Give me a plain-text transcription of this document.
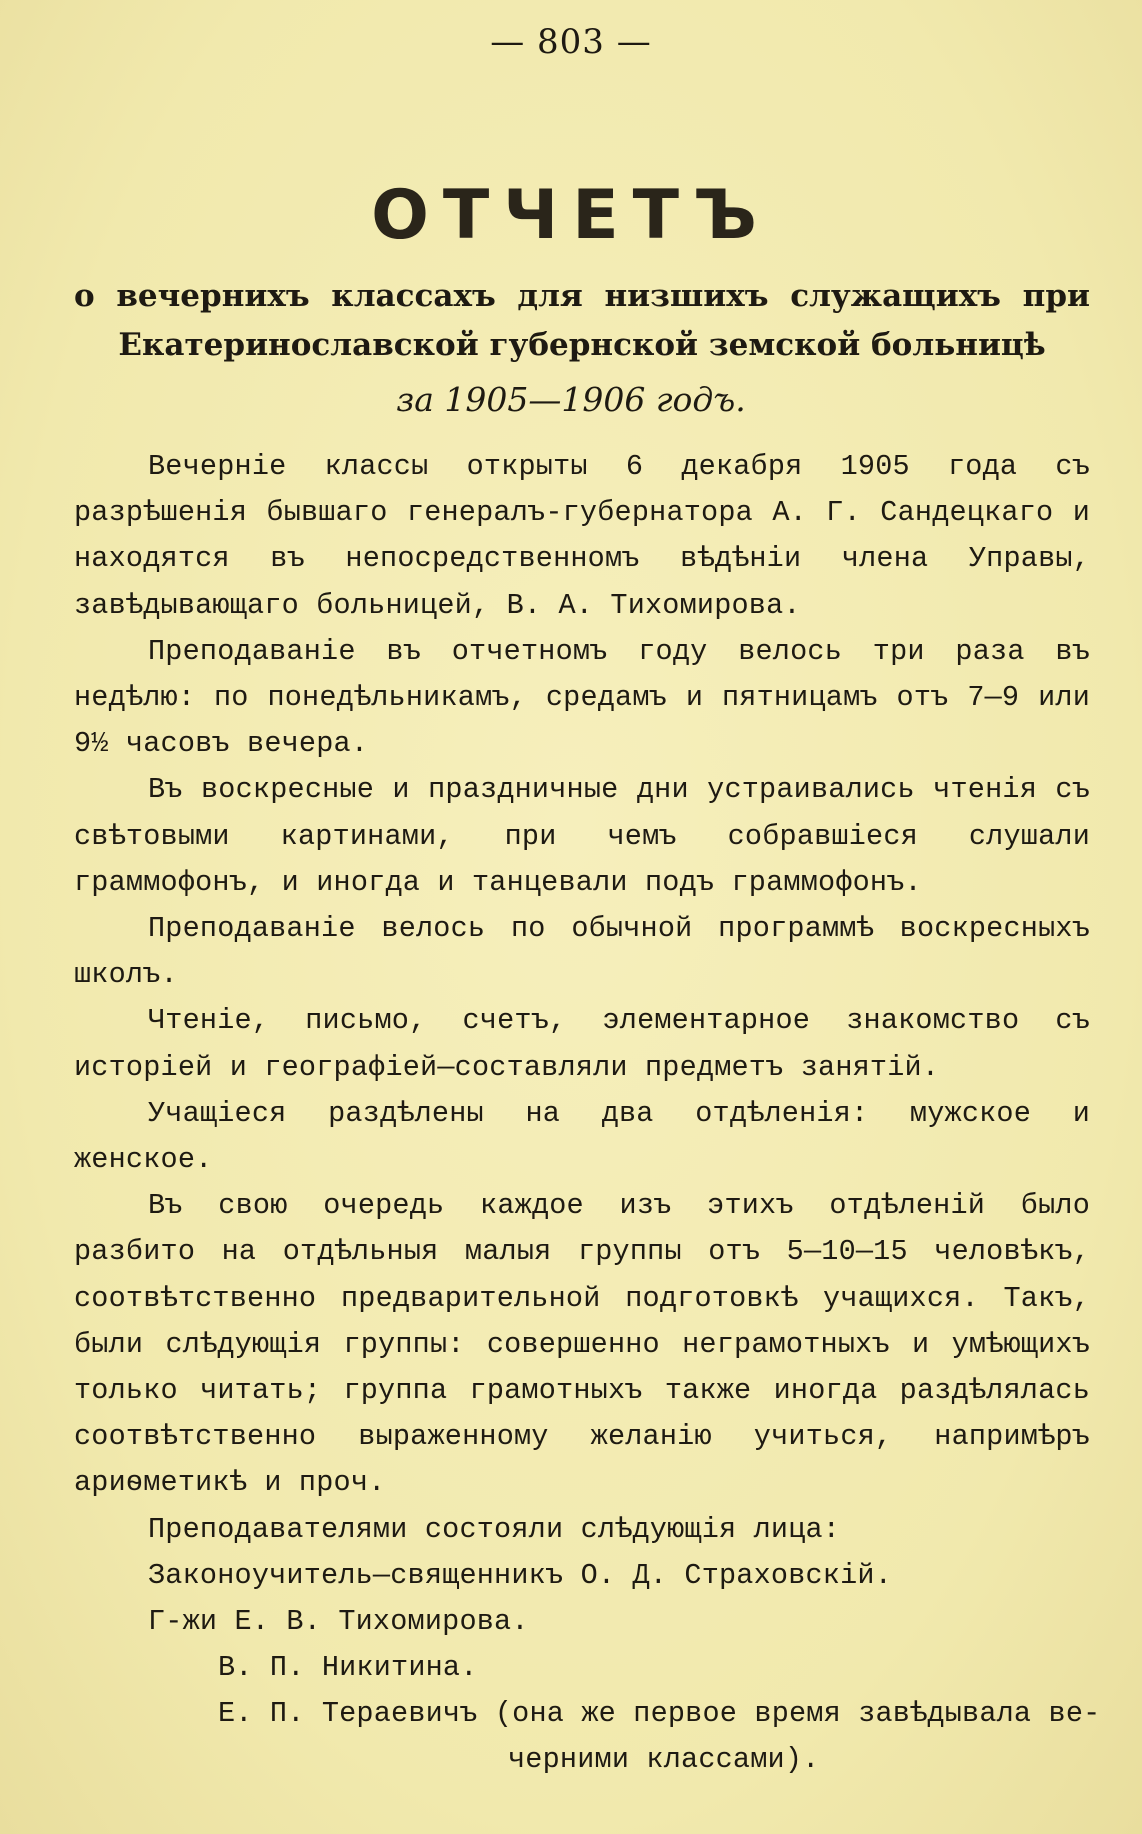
— 803 —
ОТЧЕТЪ
о вечернихъ классахъ для низшихъ служащихъ при Екатеринославской губернской земской больницѣ
за 1905—1906 годъ.

Вечерніе классы открыты 6 декабря 1905 года съ разрѣшенія бывшаго генералъ-губернатора А. Г. Сандецкаго и находятся въ непосредственномъ вѣдѣніи члена Управы, завѣдывающаго больницей, В. А. Тихомирова.

Преподаваніе въ отчетномъ году велось три раза въ недѣлю: по понедѣльникамъ, средамъ и пятницамъ отъ 7—9 или 9½ часовъ вечера.

Въ воскресные и праздничные дни устраивались чтенія съ свѣтовыми картинами, при чемъ собравшіеся слушали граммофонъ, и иногда и танцевали подъ граммофонъ.

Преподаваніе велось по обычной программѣ воскресныхъ школъ.

Чтеніе, письмо, счетъ, элементарное знакомство съ исторіей и географіей—составляли предметъ занятій.

Учащіеся раздѣлены на два отдѣленія: мужское и женское.

Въ свою очередь каждое изъ этихъ отдѣленій было разбито на отдѣльныя малыя группы отъ 5—10—15 человѣкъ, соотвѣтственно предварительной подготовкѣ учащихся. Такъ, были слѣдующія группы: совершенно неграмотныхъ и умѣющихъ только читать; группа грамотныхъ также иногда раздѣлялась соотвѣтственно выраженному желанію учиться, напримѣръ ариѳметикѣ и проч.

Преподавателями состояли слѣдующія лица:
Законоучитель—священникъ О. Д. Страховскій.
Г-жи Е. В. Тихомирова.
В. П. Никитина.
Е. П. Тераевичъ (она же первое время завѣдывала ве-
черними классами).
